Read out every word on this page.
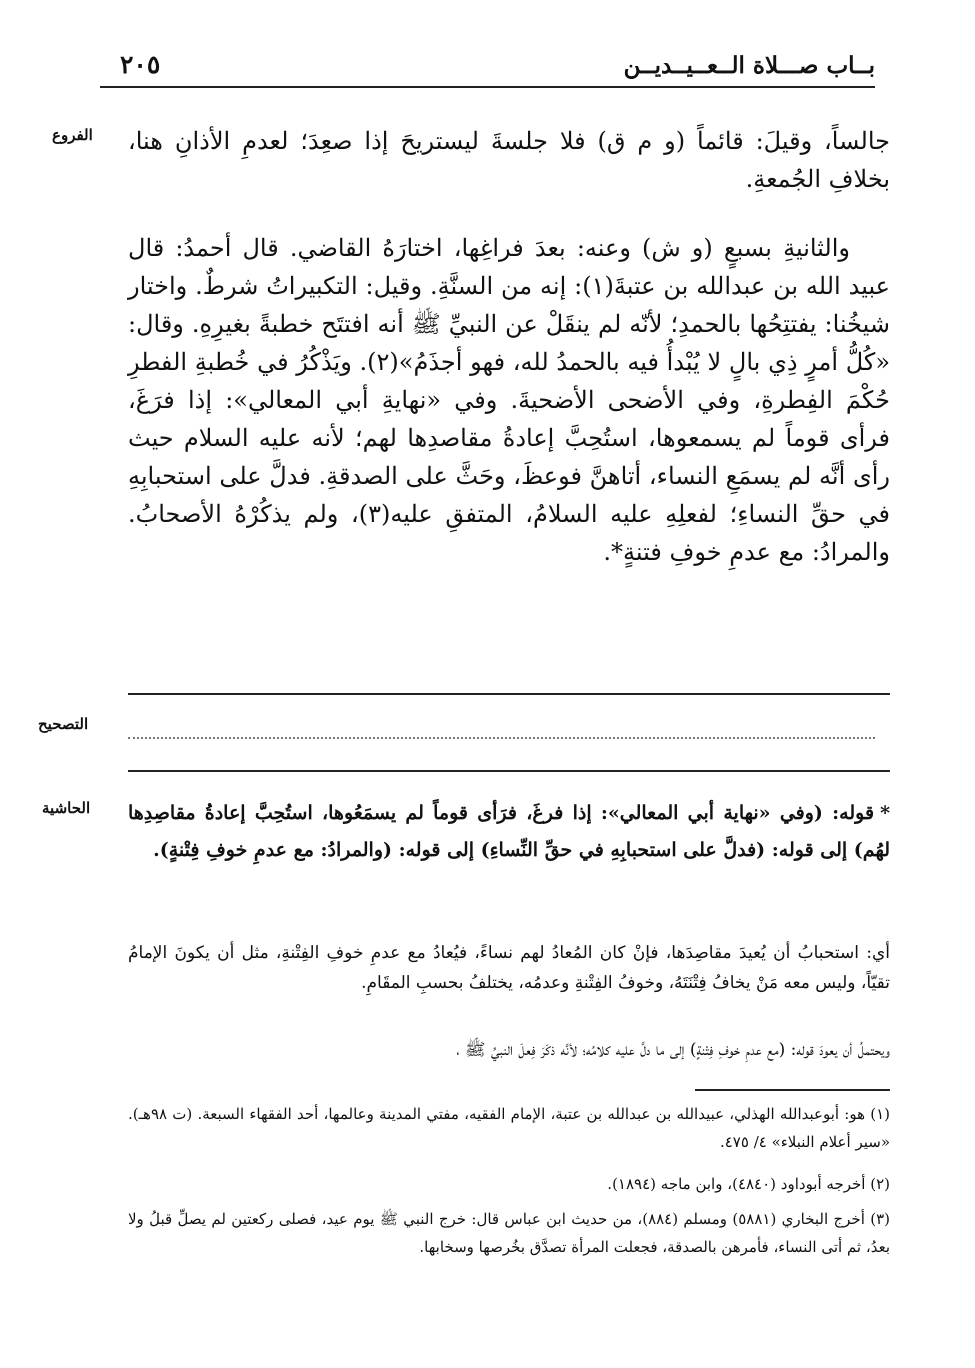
بــاب صـــلاة الــعــيــديــن
٢٠٥
الفروع
التصحيح
الحاشية
جالساً، وقيلَ: قائماً (و م ق) فلا جلسةَ ليستريحَ إذا صعِدَ؛ لعدمِ الأذانِ هنا، بخلافِ الجُمعةِ.

والثانيةِ بسبعٍ (و ش) وعنه: بعدَ فراغِها، اختارَهُ القاضي. قال أحمدُ: قال عبيد الله بن عبدالله بن عتبةَ(١): إنه من السنَّةِ. وقيل: التكبيراتُ شرطٌ. واختار شيخُنا: يفتتِحُها بالحمدِ؛ لأنّه لم ينقَلْ عن النبيِّ ﷺ أنه افتتَح خطبةً بغيرِهِ. وقال: «كُلُّ أمرٍ ذِي بالٍ لا يُبْدأُ فيه بالحمدُ لله، فهو أجذَمُ»(٢). ويَذْكُرُ في خُطبةِ الفطرِ حُكْمَ الفِطرةِ، وفي الأضحى الأضحيةَ. وفي «نهايةِ أبي المعالي»: إذا فرَغَ، فرأى قوماً لم يسمعوها، استُحِبَّ إعادةُ مقاصدِها لهم؛ لأنه عليه السلام حيث رأى أنَّه لم يسمَعِ النساء، أتاهنَّ فوعظَ، وحَثَّ على الصدقةِ. فدلَّ على استحبابِهِ في حقِّ النساءِ؛ لفعلِهِ عليه السلامُ، المتفقِ عليه(٣)، ولم يذكُرْهُ الأصحابُ. والمرادُ: مع عدمِ خوفِ فتنةٍ*.

*قوله: (وفي «نهاية أبي المعالي»: إذا فرغَ، فرَأى قوماً لم يسمَعُوها، استُحِبَّ إعادةُ مقاصِدِها لهُم) إلى قوله: (فدلَّ على استحبابِهِ في حقِّ النِّساءِ) إلى قوله: (والمرادُ: مع عدمِ خوفِ فِتْنةٍ).
أي: استحبابُ أن يُعيدَ مقاصِدَها، فإنْ كان المُعادُ لهم نساءً، فيُعادُ مع عدمِ خوفِ الفِتْنةِ، مثل أن يكونَ الإمامُ تقيّاً، وليس معه مَنْ يخافُ فِتْنَتَهُ، وخوفُ الفِتْنةِ وعدمُه، يختلفُ بحسبِ المقَامِ.
ويحتملُ أن يعودَ قوله: (مع عدمِ خوفِ فِتْنةٍ) إلى ما دلَّ عليه كلامُه؛ لأنَّه ذكَرَ فِعلَ النبيِّ ﷺ ،
(١) هو: أبوعبدالله الهذلي، عبيدالله بن عبدالله بن عتبة، الإمام الفقيه، مفتي المدينة وعالمها، أحد الفقهاء السبعة. (ت ٩٨هـ). «سير أعلام النبلاء» ٤/ ٤٧٥.
(٢) أخرجه أبوداود (٤٨٤٠)، وابن ماجه (١٨٩٤).
(٣) أخرج البخاري (٥٨٨١) ومسلم (٨٨٤)، من حديث ابن عباس قال: خرج النبي ﷺ يوم عيد، فصلى ركعتين لم يصلِّ قبلُ ولا بعدُ، ثم أتى النساء، فأمرهن بالصدقة، فجعلت المرأة تصدَّق بخُرصها وسخابها.
